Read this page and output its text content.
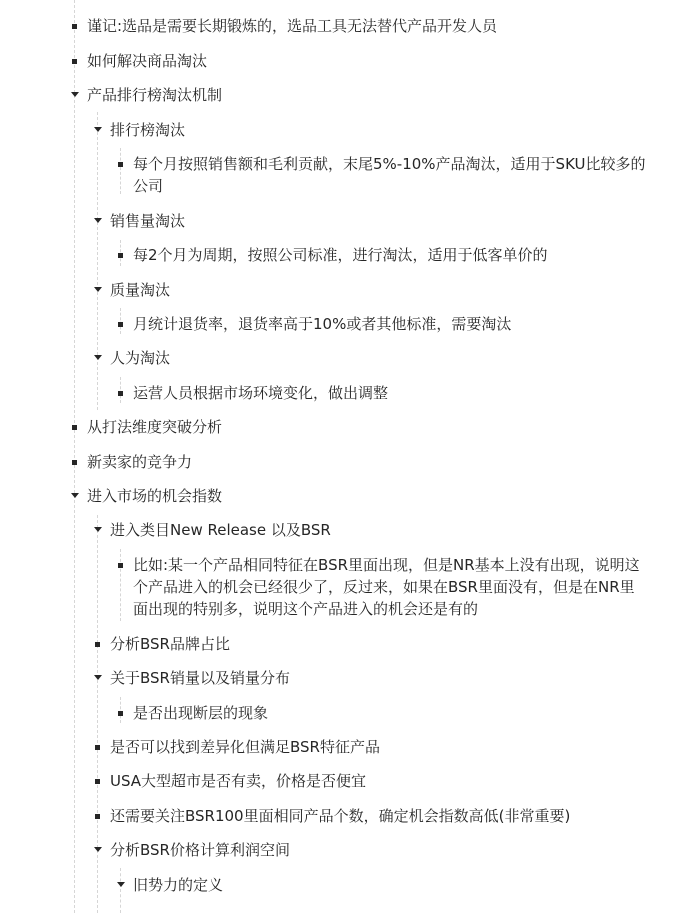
谨记:选品是需要长期锻炼的，选品工具无法替代产品开发人员
如何解决商品淘汰
产品排行榜淘汰机制
排行榜淘汰
每个月按照销售额和毛利贡献，末尾5%-10%产品淘汰，适用于SKU比较多的
公司
销售量淘汰
每2个月为周期，按照公司标准，进行淘汰，适用于低客单价的
质量淘汰
月统计退货率，退货率高于10%或者其他标准，需要淘汰
人为淘汰
运营人员根据市场环境变化，做出调整
从打法维度突破分析
新卖家的竞争力
进入市场的机会指数
进入类目New Release 以及BSR
比如:某一个产品相同特征在BSR里面出现，但是NR基本上没有出现，说明这
个产品进入的机会已经很少了，反过来，如果在BSR里面没有，但是在NR里
面出现的特别多，说明这个产品进入的机会还是有的
分析BSR品牌占比
关于BSR销量以及销量分布
是否出现断层的现象
是否可以找到差异化但满足BSR特征产品
USA大型超市是否有卖，价格是否便宜
还需要关注BSR100里面相同产品个数，确定机会指数高低(非常重要)
分析BSR价格计算利润空间
旧势力的定义
